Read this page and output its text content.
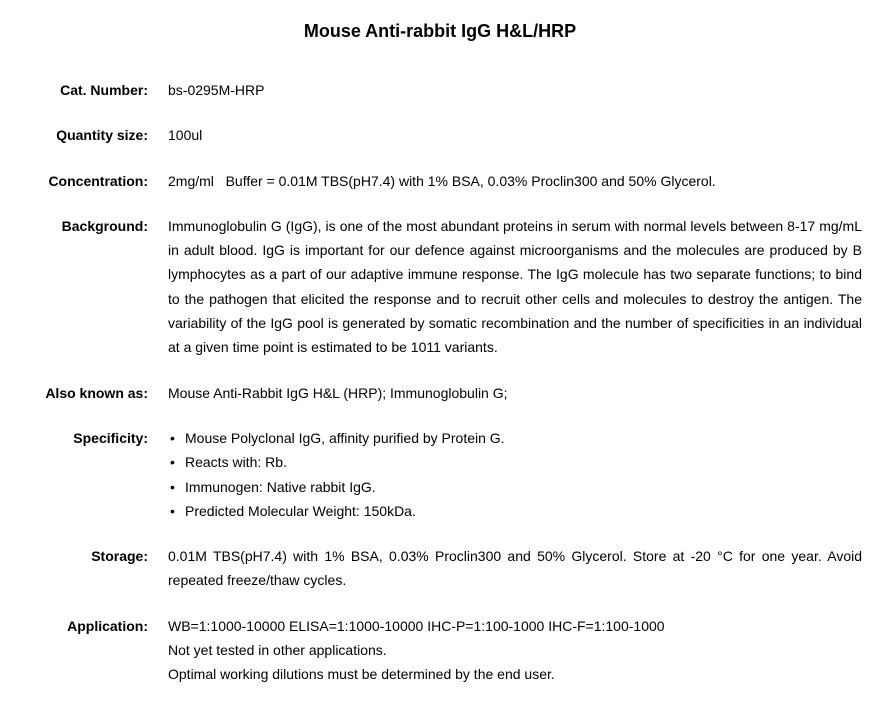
Mouse Anti-rabbit IgG H&L/HRP
Cat. Number: bs-0295M-HRP
Quantity size: 100ul
Concentration: 2mg/ml   Buffer = 0.01M TBS(pH7.4) with 1% BSA, 0.03% Proclin300 and 50% Glycerol.
Background: Immunoglobulin G (IgG), is one of the most abundant proteins in serum with normal levels between 8-17 mg/mL in adult blood. IgG is important for our defence against microorganisms and the molecules are produced by B lymphocytes as a part of our adaptive immune response. The IgG molecule has two separate functions; to bind to the pathogen that elicited the response and to recruit other cells and molecules to destroy the antigen. The variability of the IgG pool is generated by somatic recombination and the number of specificities in an individual at a given time point is estimated to be 1011 variants.
Also known as: Mouse Anti-Rabbit IgG H&L (HRP); Immunoglobulin G;
Specificity:	• Mouse Polyclonal IgG, affinity purified by Protein G.
• Reacts with: Rb.
• Immunogen: Native rabbit IgG.
• Predicted Molecular Weight: 150kDa.
Storage: 0.01M TBS(pH7.4) with 1% BSA, 0.03% Proclin300 and 50% Glycerol. Store at -20 °C for one year. Avoid repeated freeze/thaw cycles.
Application: WB=1:1000-10000 ELISA=1:1000-10000 IHC-P=1:100-1000 IHC-F=1:100-1000
Not yet tested in other applications.
Optimal working dilutions must be determined by the end user.
